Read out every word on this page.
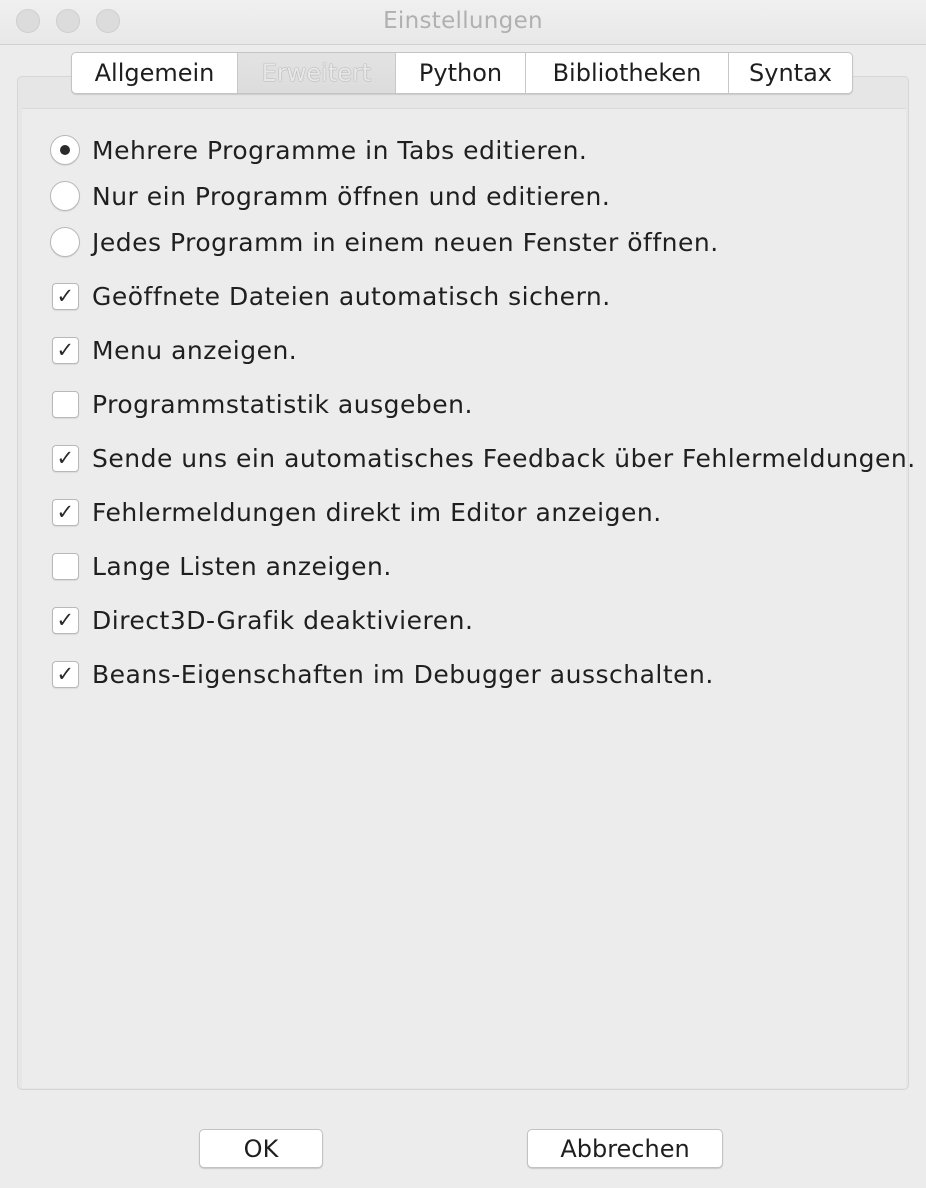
Einstellungen
Allgemein	Erweitert	Python	Bibliotheken	Syntax
Mehrere Programme in Tabs editieren.
Nur ein Programm öffnen und editieren.
Jedes Programm in einem neuen Fenster öffnen.
✓ Geöffnete Dateien automatisch sichern.
✓ Menu anzeigen.
Programmstatistik ausgeben.
✓ Sende uns ein automatisches Feedback über Fehlermeldungen.
✓ Fehlermeldungen direkt im Editor anzeigen.
Lange Listen anzeigen.
✓ Direct3D-Grafik deaktivieren.
✓ Beans-Eigenschaften im Debugger ausschalten.
OK	Abbrechen
